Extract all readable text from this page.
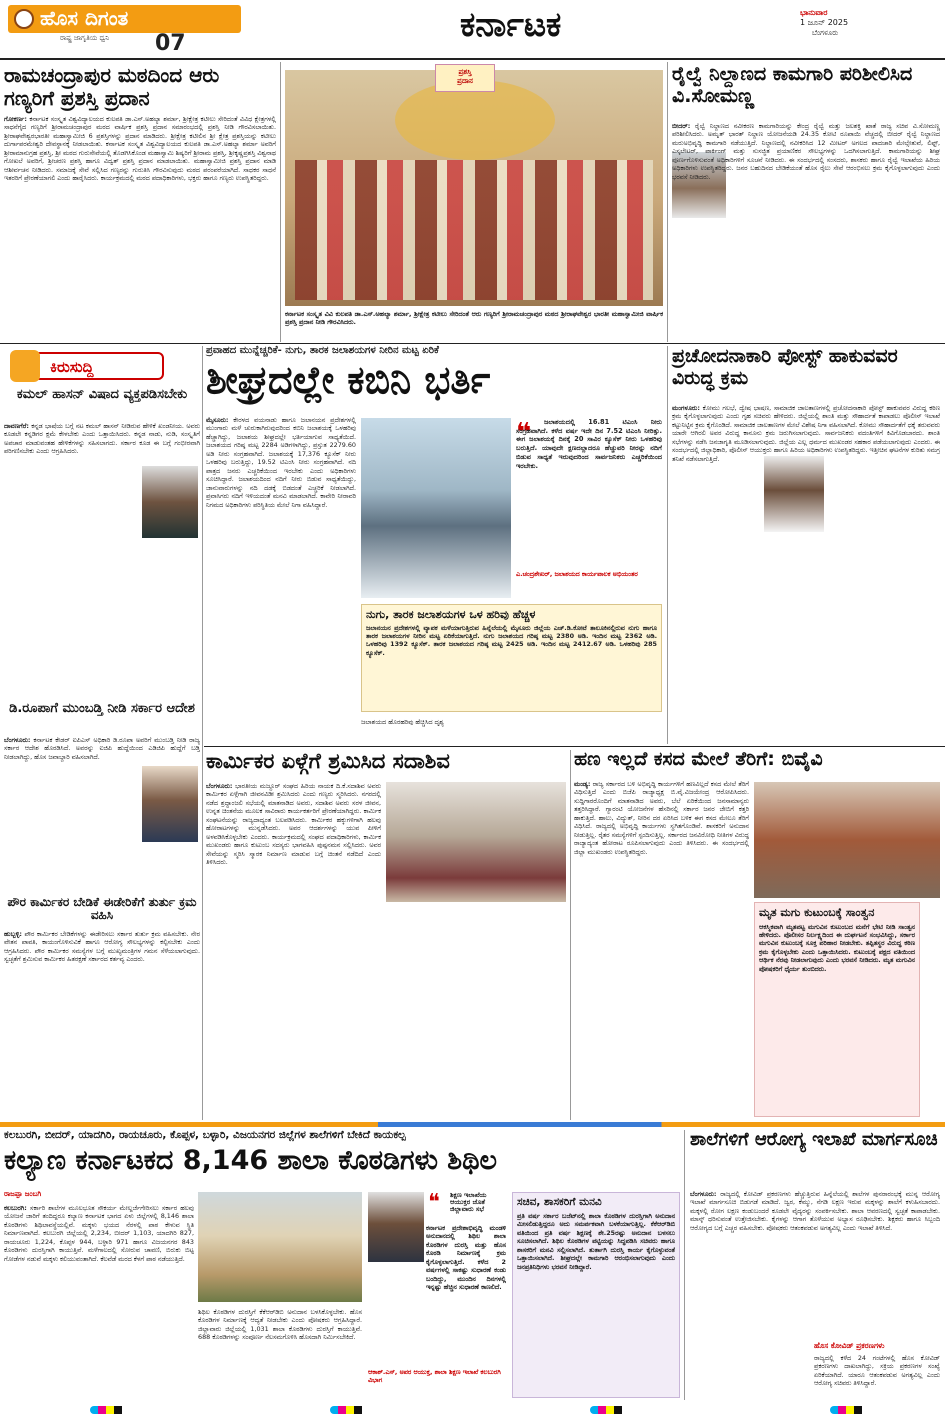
ಹೊಸ ದಿಗಂತ
ರಾಷ್ಟ್ರ ಜಾಗೃತಿಯ ಧ್ವನಿ 07	ಕರ್ನಾಟಕ	ಭಾನುವಾರ
1 ಜೂನ್ 2025
ಬೆಂಗಳೂರು
ರಾಮಚಂದ್ರಾಪುರ ಮಠದಿಂದ ಆರು ಗಣ್ಯರಿಗೆ ಪ್ರಶಸ್ತಿ ಪ್ರದಾನ
ಗೋಕರ್ಣ: ಕರ್ನಾಟಕ ಸಂಸ್ಕೃತ ವಿಶ್ವವಿದ್ಯಾಲಯದ ಕುಲಪತಿ ಡಾ.ಎಸ್.ಅಹಲ್ಯಾ ಶರ್ಮಾ, ಶ್ರೀಕ್ಷೇತ್ರ ಕಟೀಲು ಸೇರಿದಂತೆ ವಿವಿಧ ಕ್ಷೇತ್ರಗಳಲ್ಲಿ ಸಾಧನೆಗೈದ ಗಣ್ಯರಿಗೆ ಶ್ರೀರಾಮಚಂದ್ರಾಪುರ ಮಠದ ವಾರ್ಷಿಕ ಪ್ರಶಸ್ತಿ ಪ್ರದಾನ ಸಮಾರಂಭದಲ್ಲಿ ಪ್ರಶಸ್ತಿ ನೀಡಿ ಗೌರವಿಸಲಾಯಿತು. ಶ್ರೀರಾಘವೇಶ್ವರಭಾರತೀ ಮಹಾಸ್ವಾಮೀಜಿ 6 ಪ್ರಶಸ್ತಿಗಳನ್ನು ಪ್ರದಾನ ಮಾಡಿದರು. ಶ್ರೀಕ್ಷೇತ್ರ ಕಟೀಲಿನ ಶ್ರೀ ಕ್ಷೇತ್ರ ಪ್ರಶಸ್ತಿಯನ್ನು ಕಟೀಲು ದುರ್ಗಾಪರಮೇಶ್ವರಿ ದೇವಸ್ಥಾನಕ್ಕೆ ನೀಡಲಾಯಿತು. ಕರ್ನಾಟಕ ಸಂಸ್ಕೃತ ವಿಶ್ವವಿದ್ಯಾಲಯದ ಕುಲಪತಿ ಡಾ.ಎಸ್.ಅಹಲ್ಯಾ ಶರ್ಮಾ ಅವರಿಗೆ ಶ್ರೀರಾಮಾನುಗ್ರಹ ಪ್ರಶಸ್ತಿ, ಶ್ರೀ ಮಠದ ಗುರುಸೇವೆಯಲ್ಲಿ ತೊಡಗಿಸಿಕೊಂಡ ಮಹಾಸ್ವಾಮಿ ಶಿಷ್ಯರಿಗೆ ಶ್ರೀರಾಮ ಪ್ರಶಸ್ತಿ, ಶ್ರೀಕೃಷ್ಣಪ್ರಶಸ್ತಿ ವಿಶ್ವನಾಥ ಗೋಖಲೆ ಅವರಿಗೆ, ಶ್ರೀಚರಣ ಪ್ರಶಸ್ತಿ ಹಾಗೂ ವಿದ್ವತ್ ಪ್ರಶಸ್ತಿ ಪ್ರದಾನ ಮಾಡಲಾಯಿತು. ಮಹಾಸ್ವಾಮೀಜಿ ಪ್ರಶಸ್ತಿ ಪ್ರದಾನ ಮಾಡಿ ಆಶೀರ್ವಚನ ನೀಡಿದರು. ಸಮಾಜಕ್ಕೆ ಸೇವೆ ಸಲ್ಲಿಸಿದ ಗಣ್ಯರನ್ನು ಗುರುತಿಸಿ ಗೌರವಿಸುವುದು ಮಠದ ಪರಂಪರೆಯಾಗಿದೆ. ಸಾಧಕರ ಸಾಧನೆ ಇತರರಿಗೆ ಪ್ರೇರಣೆಯಾಗಲಿ ಎಂದು ಹಾರೈಸಿದರು. ಕಾರ್ಯಕ್ರಮದಲ್ಲಿ ಮಠದ ಪದಾಧಿಕಾರಿಗಳು, ಭಕ್ತರು ಹಾಗೂ ಗಣ್ಯರು ಉಪಸ್ಥಿತರಿದ್ದರು.
ಪ್ರಶಸ್ತಿ
ಪ್ರದಾನ
ಕರ್ನಾಟಕ ಸಂಸ್ಕೃತ ವಿವಿ ಕುಲಪತಿ ಡಾ.ಎಸ್.ಅಹಲ್ಯಾ ಶರ್ಮಾ, ಶ್ರೀಕ್ಷೇತ್ರ ಕಟೀಲು ಸೇರಿದಂತೆ ಆರು ಗಣ್ಯರಿಗೆ ಶ್ರೀರಾಮಚಂದ್ರಾಪುರ ಮಠದ ಶ್ರೀರಾಘವೇಶ್ವರ ಭಾರತೀ ಮಹಾಸ್ವಾಮೀಜಿ ವಾರ್ಷಿಕ ಪ್ರಶಸ್ತಿ ಪ್ರದಾನ ನೀಡಿ ಗೌರವಿಸಿದರು.
ರೈಲ್ವೆ ನಿಲ್ದಾಣದ ಕಾಮಗಾರಿ ಪರಿಶೀಲಿಸಿದ ವಿ.ಸೋಮಣ್ಣ
ಬೀದರ್: ರೈಲ್ವೆ ನಿಲ್ದಾಣದ ನವೀಕರಣ ಕಾಮಗಾರಿಯನ್ನು ಕೇಂದ್ರ ರೈಲ್ವೆ ಮತ್ತು ಜಲಶಕ್ತಿ ಖಾತೆ ರಾಜ್ಯ ಸಚಿವ ವಿ.ಸೋಮಣ್ಣ ಪರಿಶೀಲಿಸಿದರು. ಅಮೃತ್ ಭಾರತ್ ನಿಲ್ದಾಣ ಯೋಜನೆಯಡಿ 24.35 ಕೋಟಿ ರೂಪಾಯಿ ವೆಚ್ಚದಲ್ಲಿ ಬೀದರ್ ರೈಲ್ವೆ ನಿಲ್ದಾಣದ ಮರುಅಭಿವೃದ್ಧಿ ಕಾಮಗಾರಿ ನಡೆಯುತ್ತಿದೆ. ನಿಲ್ದಾಣದಲ್ಲಿ ನವೀಕರಿಸಿದ 12 ಮೀಟರ್ ಅಗಲದ ಪಾದಚಾರಿ ಮೇಲ್ಸೇತುವೆ, ಲಿಫ್ಟ್, ಎಸ್ಕಲೇಟರ್, ಪಾರ್ಕಿಂಗ್ ಮತ್ತು ಸುಸಜ್ಜಿತ ಪ್ರಯಾಣಿಕರ ಸೌಲಭ್ಯಗಳನ್ನು ಒದಗಿಸಲಾಗುತ್ತಿದೆ. ಕಾಮಗಾರಿಯನ್ನು ಶೀಘ್ರ ಪೂರ್ಣಗೊಳಿಸುವಂತೆ ಅಧಿಕಾರಿಗಳಿಗೆ ಸೂಚನೆ ನೀಡಿದರು. ಈ ಸಂದರ್ಭದಲ್ಲಿ ಸಂಸದರು, ಶಾಸಕರು ಹಾಗೂ ರೈಲ್ವೆ ಇಲಾಖೆಯ ಹಿರಿಯ ಅಧಿಕಾರಿಗಳು ಉಪಸ್ಥಿತರಿದ್ದರು. ಜನರ ಬಹುದಿನದ ಬೇಡಿಕೆಯಂತೆ ಹೊಸ ರೈಲು ಸೇವೆ ಆರಂಭಿಸಲು ಕ್ರಮ ಕೈಗೊಳ್ಳಲಾಗುವುದು ಎಂದು ಭರವಸೆ ನೀಡಿದರು.
ಕಿರುಸುದ್ದಿ
ಕಮಲ್ ಹಾಸನ್ ವಿಷಾದ ವ್ಯಕ್ತಪಡಿಸಬೇಕು
ದಾವಣಗೆರೆ: ಕನ್ನಡ ಭಾಷೆಯ ಬಗ್ಗೆ ನಟ ಕಮಲ್ ಹಾಸನ್ ನೀಡಿರುವ ಹೇಳಿಕೆ ಖಂಡನೀಯ. ಅವರು ಕೂಡಲೇ ಕನ್ನಡಿಗರ ಕ್ಷಮೆ ಕೇಳಬೇಕು ಎಂದು ಒತ್ತಾಯಿಸಿದರು. ಕನ್ನಡ ನಾಡು, ನುಡಿ, ಸಂಸ್ಕೃತಿಗೆ ಅಪಚಾರ ಮಾಡುವಂತಹ ಹೇಳಿಕೆಗಳನ್ನು ಸಹಿಸಲಾಗದು. ಸರ್ಕಾರ ಕೂಡ ಈ ಬಗ್ಗೆ ಗಂಭೀರವಾಗಿ ಪರಿಗಣಿಸಬೇಕು ಎಂದು ಆಗ್ರಹಿಸಿದರು.
ಡಿ.ರೂಪಾಗೆ ಮುಂಬಡ್ತಿ ನೀಡಿ ಸರ್ಕಾರ ಆದೇಶ
ಬೆಂಗಳೂರು: ಕರ್ನಾಟಕ ಕೇಡರ್ ಐಪಿಎಸ್ ಅಧಿಕಾರಿ ಡಿ.ರೂಪಾ ಅವರಿಗೆ ಮುಂಬಡ್ತಿ ನೀಡಿ ರಾಜ್ಯ ಸರ್ಕಾರ ಆದೇಶ ಹೊರಡಿಸಿದೆ. ಅವರನ್ನು ಐಜಿಪಿ ಹುದ್ದೆಯಿಂದ ಎಡಿಜಿಪಿ ಹುದ್ದೆಗೆ ಬಡ್ತಿ ನೀಡಲಾಗಿದ್ದು, ಹೊಸ ಜವಾಬ್ದಾರಿ ವಹಿಸಲಾಗಿದೆ.
ಪೌರ ಕಾರ್ಮಿಕರ ಬೇಡಿಕೆ ಈಡೇರಿಕೆಗೆ ತುರ್ತು ಕ್ರಮ ವಹಿಸಿ
ಹುಬ್ಬಳ್ಳಿ: ಪೌರ ಕಾರ್ಮಿಕರ ಬೇಡಿಕೆಗಳನ್ನು ಈಡೇರಿಸಲು ಸರ್ಕಾರ ತುರ್ತು ಕ್ರಮ ವಹಿಸಬೇಕು. ನೇರ ವೇತನ ಪಾವತಿ, ಕಾಯಂಗೊಳಿಸುವಿಕೆ ಹಾಗೂ ಆರೋಗ್ಯ ಸೌಲಭ್ಯಗಳನ್ನು ಕಲ್ಪಿಸಬೇಕು ಎಂದು ಆಗ್ರಹಿಸಿದರು. ಪೌರ ಕಾರ್ಮಿಕರ ಸಮಸ್ಯೆಗಳ ಬಗ್ಗೆ ಮುಖ್ಯಮಂತ್ರಿಗಳ ಗಮನ ಸೆಳೆಯಲಾಗುವುದು. ಸ್ವಚ್ಛತೆಗೆ ಶ್ರಮಿಸುವ ಕಾರ್ಮಿಕರ ಹಿತರಕ್ಷಣೆ ಸರ್ಕಾರದ ಕರ್ತವ್ಯ ಎಂದರು.
ಪ್ರವಾಹದ ಮುನ್ನೆಚ್ಚರಿಕೆ- ನುಗು, ತಾರಕ ಜಲಾಶಯಗಳ ನೀರಿನ ಮಟ್ಟ ಏರಿಕೆ
ಶೀಘ್ರದಲ್ಲೇ ಕಬಿನಿ ಭರ್ತಿ
ಮೈಸೂರು: ಕೇರಳದ ವಯನಾಡು ಹಾಗೂ ಜಲಾನಯನ ಪ್ರದೇಶಗಳಲ್ಲಿ ಮುಂಗಾರು ಮಳೆ ಚುರುಕಾಗಿರುವುದರಿಂದ ಕಬಿನಿ ಜಲಾಶಯಕ್ಕೆ ಒಳಹರಿವು ಹೆಚ್ಚಾಗಿದ್ದು, ಜಲಾಶಯ ಶೀಘ್ರದಲ್ಲೇ ಭರ್ತಿಯಾಗುವ ಸಾಧ್ಯತೆಯಿದೆ. ಜಲಾಶಯದ ಗರಿಷ್ಠ ಮಟ್ಟ 2284 ಅಡಿಗಳಾಗಿದ್ದು, ಪ್ರಸ್ತುತ 2279.60 ಅಡಿ ನೀರು ಸಂಗ್ರಹವಾಗಿದೆ. ಜಲಾಶಯಕ್ಕೆ 17,376 ಕ್ಯೂಸೆಕ್ ನೀರು ಒಳಹರಿವು ಬರುತ್ತಿದ್ದು, 19.52 ಟಿಎಂಸಿ ನೀರು ಸಂಗ್ರಹವಾಗಿದೆ. ನದಿ ಪಾತ್ರದ ಜನರು ಎಚ್ಚರಿಕೆಯಿಂದ ಇರಬೇಕು ಎಂದು ಅಧಿಕಾರಿಗಳು ಸೂಚಿಸಿದ್ದಾರೆ. ಜಲಾಶಯದಿಂದ ನದಿಗೆ ನೀರು ಬಿಡುವ ಸಾಧ್ಯತೆಯಿದ್ದು, ಜಾನುವಾರುಗಳನ್ನು ನದಿ ದಡಕ್ಕೆ ಬಿಡದಂತೆ ಎಚ್ಚರಿಕೆ ನೀಡಲಾಗಿದೆ. ಪ್ರವಾಸಿಗರು ನದಿಗೆ ಇಳಿಯದಂತೆ ಮನವಿ ಮಾಡಲಾಗಿದೆ. ಕಾವೇರಿ ನೀರಾವರಿ ನಿಗಮದ ಅಧಿಕಾರಿಗಳು ಪರಿಸ್ಥಿತಿಯ ಮೇಲೆ ನಿಗಾ ವಹಿಸಿದ್ದಾರೆ.
❝	ಜಲಾಶಯದಲ್ಲಿ 16.81 ಟಿಎಂಸಿ ನೀರು ಸಂಗ್ರಹವಾಗಿದೆ. ಕಳೆದ ವರ್ಷ ಇದೇ ದಿನ 7.52 ಟಿಎಂಸಿ ನೀರಿತ್ತು. ಈಗ ಜಲಾಶಯಕ್ಕೆ ದಿನಕ್ಕೆ 20 ಸಾವಿರ ಕ್ಯೂಸೆಕ್ ನೀರು ಒಳಹರಿವು ಬರುತ್ತಿದೆ. ಯಾವುದೇ ಕ್ಷಣದಲ್ಲಾದರೂ ಹೆಚ್ಚುವರಿ ನೀರನ್ನು ನದಿಗೆ ಬಿಡುವ ಸಾಧ್ಯತೆ ಇರುವುದರಿಂದ ಸಾರ್ವಜನಿಕರು ಎಚ್ಚರಿಕೆಯಿಂದ ಇರಬೇಕು.
ಎ.ಚಂದ್ರಶೇಖರ್, ಜಲಾಶಯದ ಕಾರ್ಯಪಾಲಕ ಅಭಿಯಂತರ
ನುಗು, ತಾರಕ ಜಲಾಶಯಗಳ ಒಳ ಹರಿವು ಹೆಚ್ಚಳ
ಜಲಾನಯನ ಪ್ರದೇಶಗಳಲ್ಲಿ ವ್ಯಾಪಕ ಮಳೆಯಾಗುತ್ತಿರುವ ಹಿನ್ನೆಲೆಯಲ್ಲಿ ಮೈಸೂರು ಜಿಲ್ಲೆಯ ಎಚ್.ಡಿ.ಕೋಟೆ ತಾಲೂಕಿನಲ್ಲಿರುವ ನುಗು ಹಾಗೂ ತಾರಕ ಜಲಾಶಯಗಳ ನೀರಿನ ಮಟ್ಟ ಏರಿಕೆಯಾಗುತ್ತಿದೆ. ನುಗು ಜಲಾಶಯದ ಗರಿಷ್ಠ ಮಟ್ಟ 2380 ಅಡಿ. ಇಂದಿನ ಮಟ್ಟ 2362 ಅಡಿ. ಒಳಹರಿವು 1392 ಕ್ಯೂಸೆಕ್. ತಾರಕ ಜಲಾಶಯದ ಗರಿಷ್ಠ ಮಟ್ಟ 2425 ಅಡಿ. ಇಂದಿನ ಮಟ್ಟ 2412.67 ಅಡಿ. ಒಳಹರಿವು 285 ಕ್ಯೂಸೆಕ್.
ಜಲಾಶಯದ ಹೊರಹರಿವು ಹೆಚ್ಚಿಸಿದ ದೃಶ್ಯ
ಪ್ರಚೋದನಾಕಾರಿ ಪೋಸ್ಟ್ ಹಾಕುವವರ ವಿರುದ್ಧ ಕ್ರಮ
ಮಂಗಳೂರು: ಕೋಮು ಗಲಭೆ, ದ್ವೇಷ ಭಾಷಣ, ಸಾಮಾಜಿಕ ಜಾಲತಾಣಗಳಲ್ಲಿ ಪ್ರಚೋದನಾಕಾರಿ ಪೋಸ್ಟ್ ಹಾಕುವವರ ವಿರುದ್ಧ ಕಠಿಣ ಕ್ರಮ ಕೈಗೊಳ್ಳಲಾಗುವುದು ಎಂದು ಗೃಹ ಸಚಿವರು ಹೇಳಿದರು. ಜಿಲ್ಲೆಯಲ್ಲಿ ಶಾಂತಿ ಮತ್ತು ಸೌಹಾರ್ದತೆ ಕಾಪಾಡಲು ಪೊಲೀಸ್ ಇಲಾಖೆ ಕಟ್ಟುನಿಟ್ಟಿನ ಕ್ರಮ ಕೈಗೊಂಡಿದೆ. ಸಾಮಾಜಿಕ ಜಾಲತಾಣಗಳ ಮೇಲೆ ವಿಶೇಷ ನಿಗಾ ವಹಿಸಲಾಗಿದೆ. ಕೋಮು ಸೌಹಾರ್ದತೆಗೆ ಧಕ್ಕೆ ತರುವವರು ಯಾರೇ ಆಗಿರಲಿ ಅವರ ವಿರುದ್ಧ ಕಾನೂನು ಕ್ರಮ ಜರುಗಿಸಲಾಗುವುದು. ಸಾರ್ವಜನಿಕರು ವದಂತಿಗಳಿಗೆ ಕಿವಿಗೊಡಬಾರದು. ಶಾಂತಿ ಸಭೆಗಳನ್ನು ನಡೆಸಿ ಜನಜಾಗೃತಿ ಮೂಡಿಸಲಾಗುವುದು. ಜಿಲ್ಲೆಯ ಎಲ್ಲ ಧರ್ಮದ ಮುಖಂಡರ ಸಹಕಾರ ಪಡೆಯಲಾಗುವುದು ಎಂದರು. ಈ ಸಂದರ್ಭದಲ್ಲಿ ಜಿಲ್ಲಾಧಿಕಾರಿ, ಪೊಲೀಸ್ ಆಯುಕ್ತರು ಹಾಗೂ ಹಿರಿಯ ಅಧಿಕಾರಿಗಳು ಉಪಸ್ಥಿತರಿದ್ದರು. ಇತ್ತೀಚಿನ ಘಟನೆಗಳ ಕುರಿತು ಸಮಗ್ರ ತನಿಖೆ ನಡೆಸಲಾಗುತ್ತಿದೆ.
ಕಾರ್ಮಿಕರ ಏಳ್ಗೆಗೆ ಶ್ರಮಿಸಿದ ಸದಾಶಿವ
ಬೆಂಗಳೂರು: ಭಾರತೀಯ ಮಜ್ದೂರ್ ಸಂಘದ ಹಿರಿಯ ನಾಯಕ ದಿ.ಕೆ.ಸದಾಶಿವ ಅವರು ಕಾರ್ಮಿಕರ ಏಳ್ಗೆಗಾಗಿ ಜೀವನವಿಡೀ ಶ್ರಮಿಸಿದರು ಎಂದು ಗಣ್ಯರು ಸ್ಮರಿಸಿದರು. ನಗರದಲ್ಲಿ ನಡೆದ ಶ್ರದ್ಧಾಂಜಲಿ ಸಭೆಯಲ್ಲಿ ಮಾತನಾಡಿದ ಅವರು, ಸದಾಶಿವ ಅವರು ಸರಳ ಜೀವನ, ಉನ್ನತ ಚಿಂತನೆಯ ಮೂಲಕ ಸಾವಿರಾರು ಕಾರ್ಯಕರ್ತರಿಗೆ ಪ್ರೇರಣೆಯಾಗಿದ್ದರು. ಕಾರ್ಮಿಕ ಸಂಘಟನೆಯನ್ನು ರಾಜ್ಯದಾದ್ಯಂತ ಬಲಪಡಿಸಿದರು. ಕಾರ್ಮಿಕರ ಹಕ್ಕುಗಳಿಗಾಗಿ ಹಲವು ಹೋರಾಟಗಳನ್ನು ಮುನ್ನಡೆಸಿದರು. ಅವರ ಆದರ್ಶಗಳನ್ನು ಯುವ ಪೀಳಿಗೆ ಅಳವಡಿಸಿಕೊಳ್ಳಬೇಕು ಎಂದರು. ಕಾರ್ಯಕ್ರಮದಲ್ಲಿ ಸಂಘದ ಪದಾಧಿಕಾರಿಗಳು, ಕಾರ್ಮಿಕ ಮುಖಂಡರು ಹಾಗೂ ಕುಟುಂಬ ಸದಸ್ಯರು ಭಾಗವಹಿಸಿ ಪುಷ್ಪನಮನ ಸಲ್ಲಿಸಿದರು. ಅವರ ಸೇವೆಯನ್ನು ಸ್ಮರಿಸಿ ಸ್ಮಾರಕ ನಿರ್ಮಾಣ ಮಾಡುವ ಬಗ್ಗೆ ಚಿಂತನೆ ನಡೆದಿದೆ ಎಂದು ತಿಳಿಸಿದರು.
ಹಣ ಇಲ್ಲದೆ ಕಸದ ಮೇಲೆ ತೆರಿಗೆ: ಬಿವೈವಿ
ಮಂಡ್ಯ: ರಾಜ್ಯ ಸರ್ಕಾರದ ಬಳಿ ಅಭಿವೃದ್ಧಿ ಕಾರ್ಯಗಳಿಗೆ ಹಣವಿಲ್ಲದೆ ಕಸದ ಮೇಲೆ ತೆರಿಗೆ ವಿಧಿಸುತ್ತಿದೆ ಎಂದು ಬಿಜೆಪಿ ರಾಜ್ಯಾಧ್ಯಕ್ಷ ಬಿ.ವೈ.ವಿಜಯೇಂದ್ರ ಆರೋಪಿಸಿದರು. ಸುದ್ದಿಗಾರರೊಂದಿಗೆ ಮಾತನಾಡಿದ ಅವರು, ಬೆಲೆ ಏರಿಕೆಯಿಂದ ಜನಸಾಮಾನ್ಯರು ತತ್ತರಿಸಿದ್ದಾರೆ. ಗ್ಯಾರಂಟಿ ಯೋಜನೆಗಳ ಹೆಸರಿನಲ್ಲಿ ಸರ್ಕಾರ ಜನರ ಜೇಬಿಗೆ ಕತ್ತರಿ ಹಾಕುತ್ತಿದೆ. ಹಾಲು, ವಿದ್ಯುತ್, ನೀರಿನ ದರ ಏರಿಸಿದ ಬಳಿಕ ಈಗ ಕಸದ ಮೇಲೂ ತೆರಿಗೆ ವಿಧಿಸಿದೆ. ರಾಜ್ಯದಲ್ಲಿ ಅಭಿವೃದ್ಧಿ ಕಾರ್ಯಗಳು ಸ್ಥಗಿತಗೊಂಡಿವೆ. ಶಾಸಕರಿಗೆ ಅನುದಾನ ನೀಡುತ್ತಿಲ್ಲ. ರೈತರ ಸಮಸ್ಯೆಗಳಿಗೆ ಸ್ಪಂದಿಸುತ್ತಿಲ್ಲ. ಸರ್ಕಾರದ ಜನವಿರೋಧಿ ನೀತಿಗಳ ವಿರುದ್ಧ ರಾಜ್ಯಾದ್ಯಂತ ಹೋರಾಟ ರೂಪಿಸಲಾಗುವುದು ಎಂದು ತಿಳಿಸಿದರು. ಈ ಸಂದರ್ಭದಲ್ಲಿ ಜಿಲ್ಲಾ ಮುಖಂಡರು ಉಪಸ್ಥಿತರಿದ್ದರು.
ಮೃತ ಮಗು ಕುಟುಂಬಕ್ಕೆ ಸಾಂತ್ವನ
ಆಕಸ್ಮಿಕವಾಗಿ ಮೃತಪಟ್ಟ ಮಗುವಿನ ಕುಟುಂಬದ ಮನೆಗೆ ಭೇಟಿ ನೀಡಿ ಸಾಂತ್ವನ ಹೇಳಿದರು. ಪೊಲೀಸರ ನಿರ್ಲಕ್ಷ್ಯದಿಂದ ಈ ದುರ್ಘಟನೆ ಸಂಭವಿಸಿದ್ದು, ಸರ್ಕಾರ ಮಗುವಿನ ಕುಟುಂಬಕ್ಕೆ ಸೂಕ್ತ ಪರಿಹಾರ ನೀಡಬೇಕು. ತಪ್ಪಿತಸ್ಥರ ವಿರುದ್ಧ ಕಠಿಣ ಕ್ರಮ ಕೈಗೊಳ್ಳಬೇಕು ಎಂದು ಒತ್ತಾಯಿಸಿದರು. ಕುಟುಂಬಕ್ಕೆ ಪಕ್ಷದ ವತಿಯಿಂದ ಆರ್ಥಿಕ ನೆರವು ನೀಡಲಾಗುವುದು ಎಂದು ಭರವಸೆ ನೀಡಿದರು. ಮೃತ ಮಗುವಿನ ಪೋಷಕರಿಗೆ ಧೈರ್ಯ ತುಂಬಿದರು.
ಕಲಬುರಗಿ, ಬೀದರ್, ಯಾದಗಿರಿ, ರಾಯಚೂರು, ಕೊಪ್ಪಳ, ಬಳ್ಳಾರಿ, ವಿಜಯನಗರ ಜಿಲ್ಲೆಗಳ ಶಾಲೆಗಳಿಗೆ ಬೇಕಿದೆ ಕಾಯಕಲ್ಪ
ಕಲ್ಯಾಣ ಕರ್ನಾಟಕದ 8,146 ಶಾಲಾ ಕೊಠಡಿಗಳು ಶಿಥಿಲ
ರಾಜಪ್ಪಾ ಜಂಬಗಿ
ಕಲಬುರಗಿ: ಸರ್ಕಾರಿ ಶಾಲೆಗಳ ಮೂಲಭೂತ ಸೌಕರ್ಯ ಮೇಲ್ದರ್ಜೆಗೇರಿಸಲು ಸರ್ಕಾರ ಹಲವು ಯೋಜನೆ ಜಾರಿಗೆ ತಂದಿದ್ದರೂ ಕಲ್ಯಾಣ ಕರ್ನಾಟಕ ಭಾಗದ ಏಳು ಜಿಲ್ಲೆಗಳಲ್ಲಿ 8,146 ಶಾಲಾ ಕೊಠಡಿಗಳು ಶಿಥಿಲಾವಸ್ಥೆಯಲ್ಲಿವೆ. ಮಕ್ಕಳು ಭಯದ ನೆರಳಲ್ಲಿ ಪಾಠ ಕೇಳುವ ಸ್ಥಿತಿ ನಿರ್ಮಾಣವಾಗಿದೆ. ಕಲಬುರಗಿ ಜಿಲ್ಲೆಯಲ್ಲಿ 2,234, ಬೀದರ್ 1,103, ಯಾದಗಿರಿ 827, ರಾಯಚೂರು 1,224, ಕೊಪ್ಪಳ 944, ಬಳ್ಳಾರಿ 971 ಹಾಗೂ ವಿಜಯನಗರ 843 ಕೊಠಡಿಗಳು ದುರಸ್ತಿಗಾಗಿ ಕಾಯುತ್ತಿವೆ. ಮಳೆಗಾಲದಲ್ಲಿ ಸೋರುವ ಚಾವಣಿ, ಬಿರುಕು ಬಿಟ್ಟ ಗೋಡೆಗಳ ನಡುವೆ ಮಕ್ಕಳು ಕಲಿಯುವಂತಾಗಿದೆ. ಕೆಲವೆಡೆ ಮರದ ಕೆಳಗೆ ಪಾಠ ನಡೆಯುತ್ತಿದೆ.
ಶಿಥಿಲ ಕೊಠಡಿಗಳ ದುರಸ್ತಿಗೆ ಕೆಕೆಆರ್‌ಡಿಬಿ ಅನುದಾನ ಬಳಸಿಕೊಳ್ಳಬೇಕು. ಹೊಸ ಕೊಠಡಿಗಳ ನಿರ್ಮಾಣಕ್ಕೆ ಆದ್ಯತೆ ನೀಡಬೇಕು ಎಂದು ಪೋಷಕರು ಆಗ್ರಹಿಸಿದ್ದಾರೆ. ಜಿಲ್ಲಾವಾರು ಜಿಲ್ಲೆಯಲ್ಲಿ 1,031 ಶಾಲಾ ಕೊಠಡಿಗಳು ದುರಸ್ತಿಗೆ ಕಾಯುತ್ತಿವೆ. 688 ಕೊಠಡಿಗಳನ್ನು ಸಂಪೂರ್ಣ ನೆಲಸಮಗೊಳಿಸಿ ಹೊಸದಾಗಿ ನಿರ್ಮಿಸಬೇಕಿದೆ.
❝ ಶಿಕ್ಷಣ ಇಲಾಖೆಯ ಆಯುಕ್ತರ ಜೊತೆ ಜಿಲ್ಲಾವಾರು ಸಭೆ
ಕರ್ನಾಟಕ ಪ್ರದೇಶಾಭಿವೃದ್ಧಿ ಮಂಡಳಿ ಅನುದಾನದಲ್ಲಿ ಶಿಥಿಲ ಶಾಲಾ ಕೊಠಡಿಗಳ ದುರಸ್ತಿ ಮತ್ತು ಹೊಸ ಕೊಠಡಿ ನಿರ್ಮಾಣಕ್ಕೆ ಕ್ರಮ ಕೈಗೊಳ್ಳಲಾಗುತ್ತಿದೆ. ಕಳೆದ 2 ವರ್ಷಗಳಲ್ಲಿ ಸಾಕಷ್ಟು ಸುಧಾರಣೆ ಕಂಡು ಬಂದಿದ್ದು, ಮುಂದಿನ ದಿನಗಳಲ್ಲಿ ಇನ್ನಷ್ಟು ಹೆಚ್ಚಿನ ಸುಧಾರಣೆ ಕಾಣಲಿದೆ.
ಆಕಾಶ್.ಎಸ್, ಅಪರ ಆಯುಕ್ತ, ಶಾಲಾ ಶಿಕ್ಷಣ ಇಲಾಖೆ ಕಲಬುರಗಿ ವಿಭಾಗ
ಸಚಿವ, ಶಾಸಕರಿಗೆ ಮನವಿ
ಪ್ರತಿ ವರ್ಷ ಸರ್ಕಾರ ಬಜೆಟ್‌ನಲ್ಲಿ ಶಾಲಾ ಕೊಠಡಿಗಳ ದುರಸ್ತಿಗಾಗಿ ಅನುದಾನ ಮೀಸಲಿಡುತ್ತಿದ್ದರೂ ಅದು ಸಮರ್ಪಕವಾಗಿ ಬಳಕೆಯಾಗುತ್ತಿಲ್ಲ. ಕೆಕೆಆರ್‌ಡಿಬಿ ವತಿಯಿಂದ ಪ್ರತಿ ವರ್ಷ ಶಿಕ್ಷಣಕ್ಕೆ ಶೇ.25ರಷ್ಟು ಅನುದಾನ ಬಳಸಲು ಸೂಚಿಸಲಾಗಿದೆ. ಶಿಥಿಲ ಕೊಠಡಿಗಳ ಪಟ್ಟಿಯನ್ನು ಸಿದ್ಧಪಡಿಸಿ ಸಚಿವರು ಹಾಗೂ ಶಾಸಕರಿಗೆ ಮನವಿ ಸಲ್ಲಿಸಲಾಗಿದೆ. ತುರ್ತಾಗಿ ದುರಸ್ತಿ ಕಾರ್ಯ ಕೈಗೊಳ್ಳುವಂತೆ ಒತ್ತಾಯಿಸಲಾಗಿದೆ. ಶೀಘ್ರದಲ್ಲೇ ಕಾಮಗಾರಿ ಆರಂಭಿಸಲಾಗುವುದು ಎಂದು ಜನಪ್ರತಿನಿಧಿಗಳು ಭರವಸೆ ನೀಡಿದ್ದಾರೆ.
ಶಾಲೆಗಳಿಗೆ ಆರೋಗ್ಯ ಇಲಾಖೆ ಮಾರ್ಗಸೂಚಿ
ಬೆಂಗಳೂರು: ರಾಜ್ಯದಲ್ಲಿ ಕೋವಿಡ್ ಪ್ರಕರಣಗಳು ಹೆಚ್ಚುತ್ತಿರುವ ಹಿನ್ನೆಲೆಯಲ್ಲಿ ಶಾಲೆಗಳ ಪುನರಾರಂಭಕ್ಕೆ ಮುನ್ನ ಆರೋಗ್ಯ ಇಲಾಖೆ ಮಾರ್ಗಸೂಚಿ ಬಿಡುಗಡೆ ಮಾಡಿದೆ. ಜ್ವರ, ಕೆಮ್ಮು, ನೆಗಡಿ ಲಕ್ಷಣ ಇರುವ ಮಕ್ಕಳನ್ನು ಶಾಲೆಗೆ ಕಳುಹಿಸಬಾರದು. ಮಕ್ಕಳಲ್ಲಿ ರೋಗ ಲಕ್ಷಣ ಕಂಡುಬಂದರೆ ಕೂಡಲೇ ವೈದ್ಯರನ್ನು ಸಂಪರ್ಕಿಸಬೇಕು. ಶಾಲಾ ಆವರಣದಲ್ಲಿ ಸ್ವಚ್ಛತೆ ಕಾಪಾಡಬೇಕು. ಮಾಸ್ಕ್ ಧರಿಸುವಂತೆ ಉತ್ತೇಜಿಸಬೇಕು. ಕೈಗಳನ್ನು ಆಗಾಗ ತೊಳೆಯುವ ಅಭ್ಯಾಸ ರೂಢಿಸಬೇಕು. ಶಿಕ್ಷಕರು ಹಾಗೂ ಸಿಬ್ಬಂದಿ ಆರೋಗ್ಯದ ಬಗ್ಗೆ ಎಚ್ಚರ ವಹಿಸಬೇಕು. ಪೋಷಕರು ಆತಂಕಪಡುವ ಅಗತ್ಯವಿಲ್ಲ ಎಂದು ಇಲಾಖೆ ತಿಳಿಸಿದೆ.
ಹೊಸ ಕೋವಿಡ್ ಪ್ರಕರಣಗಳು
ರಾಜ್ಯದಲ್ಲಿ ಕಳೆದ 24 ಗಂಟೆಗಳಲ್ಲಿ ಹೊಸ ಕೋವಿಡ್ ಪ್ರಕರಣಗಳು ದಾಖಲಾಗಿದ್ದು, ಸಕ್ರಿಯ ಪ್ರಕರಣಗಳ ಸಂಖ್ಯೆ ಏರಿಕೆಯಾಗಿದೆ. ಯಾರೂ ಆತಂಕಪಡುವ ಅಗತ್ಯವಿಲ್ಲ ಎಂದು ಆರೋಗ್ಯ ಸಚಿವರು ತಿಳಿಸಿದ್ದಾರೆ.
